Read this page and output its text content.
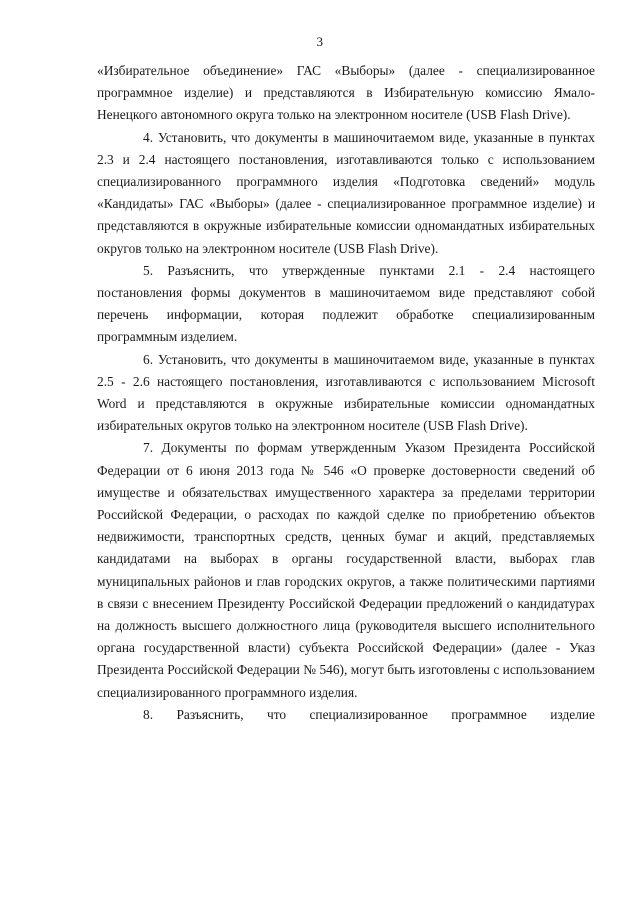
3

«Избирательное объединение» ГАС «Выборы» (далее - специализированное программное изделие) и представляются в Избирательную комиссию Ямало-Ненецкого автономного округа только на электронном носителе (USB Flash Drive).

4. Установить, что документы в машиночитаемом виде, указанные в пунктах 2.3 и 2.4 настоящего постановления, изготавливаются только с использованием специализированного программного изделия «Подготовка сведений» модуль «Кандидаты» ГАС «Выборы» (далее - специализированное программное изделие) и представляются в окружные избирательные комиссии одномандатных избирательных округов только на электронном носителе (USB Flash Drive).

5. Разъяснить, что утвержденные пунктами 2.1 - 2.4 настоящего постановления формы документов в машиночитаемом виде представляют собой перечень информации, которая подлежит обработке специализированным программным изделием.

6. Установить, что документы в машиночитаемом виде, указанные в пунктах 2.5 - 2.6 настоящего постановления, изготавливаются с использованием Microsoft Word и представляются в окружные избирательные комиссии одномандатных избирательных округов только на электронном носителе (USB Flash Drive).

7. Документы по формам утвержденным Указом Президента Российской Федерации от 6 июня 2013 года № 546 «О проверке достоверности сведений об имуществе и обязательствах имущественного характера за пределами территории Российской Федерации, о расходах по каждой сделке по приобретению объектов недвижимости, транспортных средств, ценных бумаг и акций, представляемых кандидатами на выборах в органы государственной власти, выборах глав муниципальных районов и глав городских округов, а также политическими партиями в связи с внесением Президенту Российской Федерации предложений о кандидатурах на должность высшего должностного лица (руководителя высшего исполнительного органа государственной власти) субъекта Российской Федерации» (далее - Указ Президента Российской Федерации № 546), могут быть изготовлены с использованием специализированного программного изделия.

8. Разъяснить, что специализированное программное изделие
